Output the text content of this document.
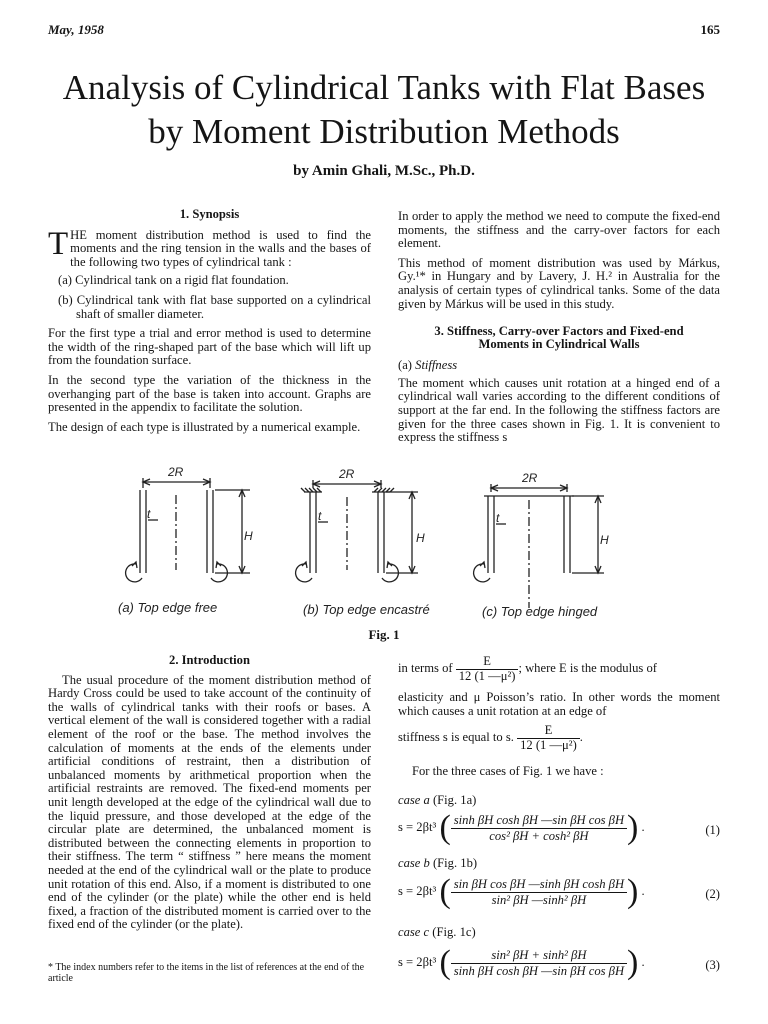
May, 1958	165
Analysis of Cylindrical Tanks with Flat Bases
by Moment Distribution Methods
by Amin Ghali, M.Sc., Ph.D.
1. Synopsis

THE moment distribution method is used to find the moments and the ring tension in the walls and the bases of the following two types of cylindrical tank :

(a) Cylindrical tank on a rigid flat foundation.
(b) Cylindrical tank with flat base supported on a cylindrical shaft of smaller diameter.

For the first type a trial and error method is used to determine the width of the ring-shaped part of the base which will lift up from the foundation surface.

In the second type the variation of the thickness in the overhanging part of the base is taken into account. Graphs are presented in the appendix to facilitate the solution.

The design of each type is illustrated by a numerical example.

In order to apply the method we need to compute the fixed-end moments, the stiffness and the carry-over factors for each element.

This method of moment distribution was used by Márkus, Gy.¹* in Hungary and by Lavery, J. H.² in Australia for the analysis of certain types of cylindrical tanks. Some of the data given by Márkus will be used in this study.

3. Stiffness, Carry-over Factors and Fixed-end
Moments in Cylindrical Walls

(a) Stiffness

The moment which causes unit rotation at a hinged end of a cylindrical wall varies according to the different conditions of support at the far end. In the following the stiffness factors are given for the three cases shown in Fig. 1. It is convenient to express the stiffness s

2R
H
t
2R
H
t
2R
H
t
(a) Top edge free	(b) Top edge encastré	(c) Top edge hinged
Fig. 1
2. Introduction

The usual procedure of the moment distribution method of Hardy Cross could be used to take account of the continuity of the walls of cylindrical tanks with their roofs or bases. A vertical element of the wall is considered together with a radial element of the roof or the base. The method involves the calculation of moments at the ends of the elements under artificial conditions of restraint, then a distribution of unbalanced moments by arithmetical proportion when the artificial restraints are removed. The fixed-end moments per unit length developed at the edge of the cylindrical wall due to the liquid pressure, and those developed at the edge of the circular plate are determined, the unbalanced moment is distributed between the connecting elements in proportion to their stiffness. The term “ stiffness ” here means the moment needed at the end of the cylindrical wall or the plate to produce unit rotation of this end. Also, if a moment is distributed to one end of the cylinder (or the plate) while the other end is held fixed, a fraction of the distributed moment is carried over to the fixed end of the cylinder (or the plate).

* The index numbers refer to the items in the list of references at the end of the article
in terms of $\frac{E}{\text{12 (1 —μ²)}}$ ; where E is the modulus of

elasticity and μ Poisson’s ratio. In other words the moment which causes a unit rotation at an edge of

stiffness s is equal to s. $\frac{E}{\text{12 (1 —μ²)}}$ .

For the three cases of Fig. 1 we have :

case a (Fig. 1a)
s = 2βt³ ( $\frac{\text{sinh βH cosh βH —sin βH cos βH}}{\text{cos² βH + cosh² βH}}$ ) .	(1)
case b (Fig. 1b)
s = 2βt³ ( $\frac{\text{sin βH cos βH —sinh βH cosh βH}}{\text{sin² βH —sinh² βH}}$ ) .	(2)
case c (Fig. 1c)
s = 2βt³ ( $\frac{\text{sin² βH + sinh² βH}}{\text{sinh βH cosh βH —sin βH cos βH}}$ ) .	(3)
